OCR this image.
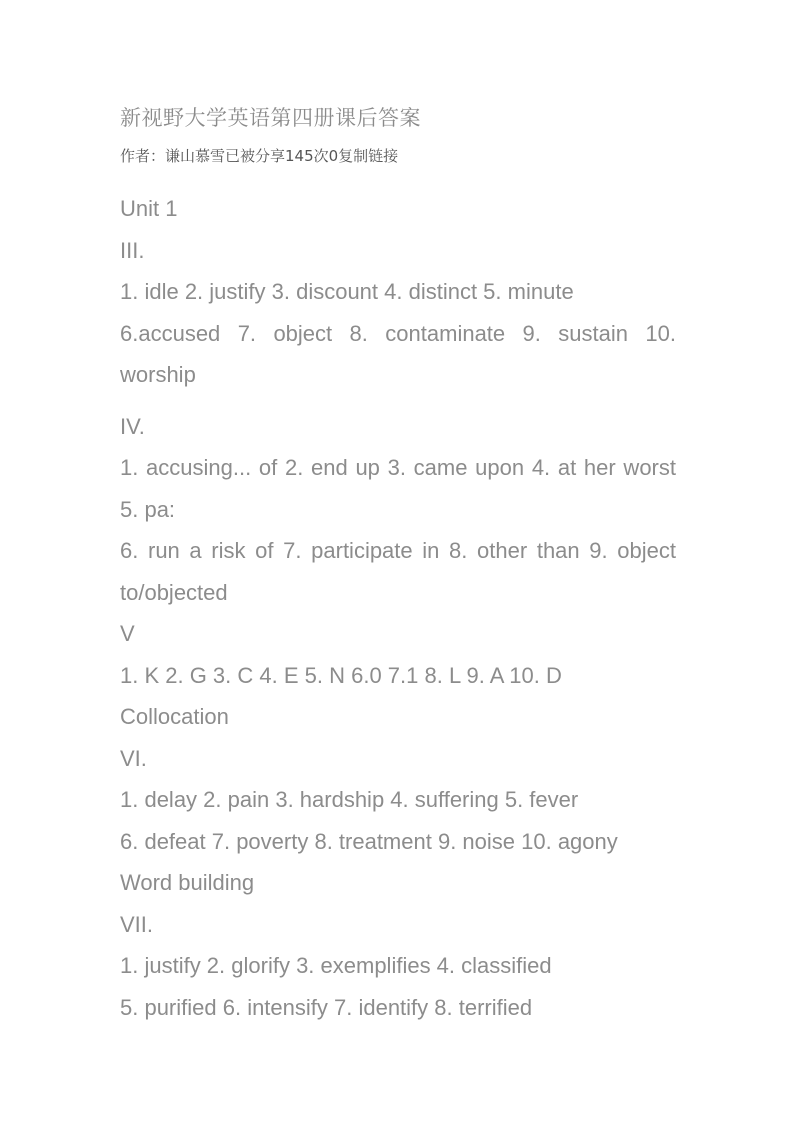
新视野大学英语第四册课后答案
作者：谦山慕雪已被分享145次0复制链接
Unit 1
III.
1. idle 2. justify 3. discount 4. distinct 5. minute
6.accused 7. object 8. contaminate 9. sustain 10. worship
IV.
1. accusing... of 2. end up 3. came upon 4. at her worst 5. pa:
6. run a risk of 7. participate in 8. other than 9. object to/objected
V
1. K 2. G 3. C 4. E 5. N 6.0 7.1 8. L 9. A 10. D
Collocation
VI.
1. delay 2. pain 3. hardship 4. suffering 5. fever
6. defeat 7. poverty 8. treatment 9. noise 10. agony
Word building
VII.
1. justify 2. glorify 3. exemplifies 4. classified
5. purified 6. intensify 7. identify 8. terrified
